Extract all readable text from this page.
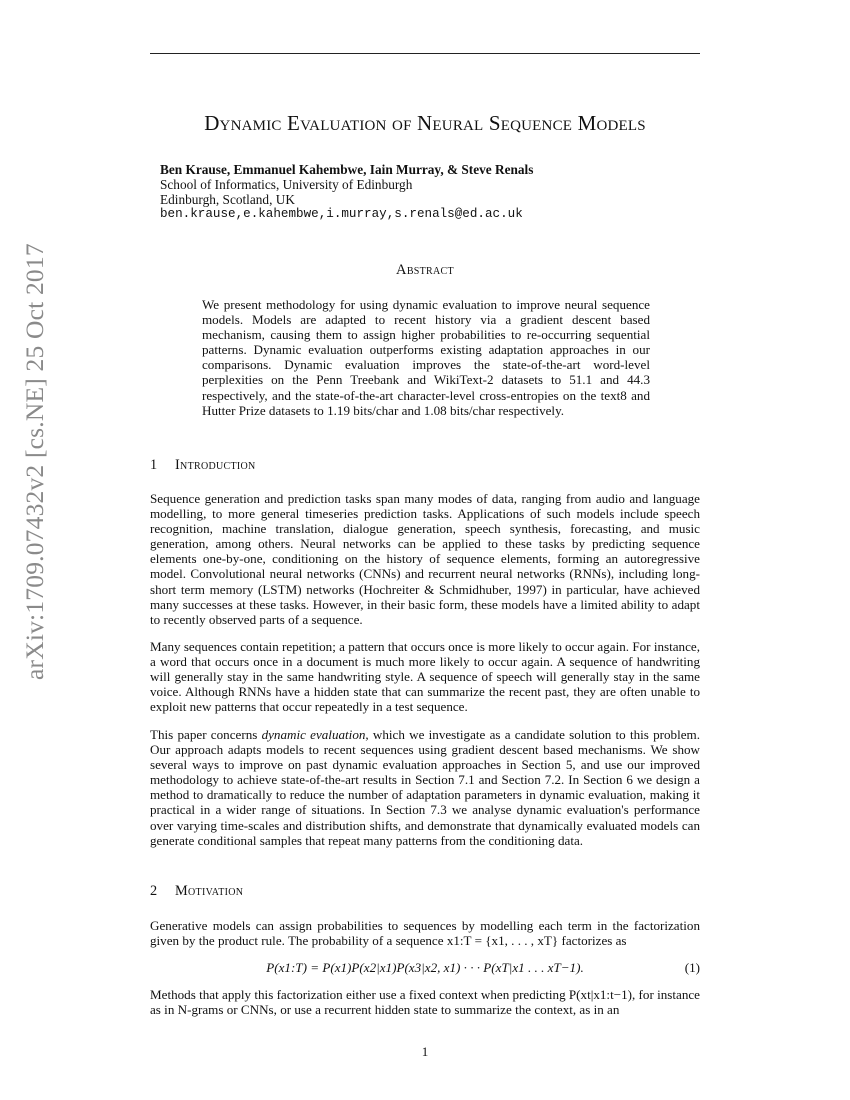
arXiv:1709.07432v2 [cs.NE] 25 Oct 2017
Dynamic Evaluation of Neural Sequence Models
Ben Krause, Emmanuel Kahembwe, Iain Murray, & Steve Renals
School of Informatics, University of Edinburgh
Edinburgh, Scotland, UK
ben.krause,e.kahembwe,i.murray,s.renals@ed.ac.uk
Abstract
We present methodology for using dynamic evaluation to improve neural sequence models. Models are adapted to recent history via a gradient descent based mechanism, causing them to assign higher probabilities to re-occurring sequential patterns. Dynamic evaluation outperforms existing adaptation approaches in our comparisons. Dynamic evaluation improves the state-of-the-art word-level perplexities on the Penn Treebank and WikiText-2 datasets to 51.1 and 44.3 respectively, and the state-of-the-art character-level cross-entropies on the text8 and Hutter Prize datasets to 1.19 bits/char and 1.08 bits/char respectively.
1 Introduction

Sequence generation and prediction tasks span many modes of data, ranging from audio and language modelling, to more general timeseries prediction tasks. Applications of such models include speech recognition, machine translation, dialogue generation, speech synthesis, forecasting, and music generation, among others. Neural networks can be applied to these tasks by predicting sequence elements one-by-one, conditioning on the history of sequence elements, forming an autoregressive model. Convolutional neural networks (CNNs) and recurrent neural networks (RNNs), including long-short term memory (LSTM) networks (Hochreiter & Schmidhuber, 1997) in particular, have achieved many successes at these tasks. However, in their basic form, these models have a limited ability to adapt to recently observed parts of a sequence.

Many sequences contain repetition; a pattern that occurs once is more likely to occur again. For instance, a word that occurs once in a document is much more likely to occur again. A sequence of handwriting will generally stay in the same handwriting style. A sequence of speech will generally stay in the same voice. Although RNNs have a hidden state that can summarize the recent past, they are often unable to exploit new patterns that occur repeatedly in a test sequence.

This paper concerns dynamic evaluation, which we investigate as a candidate solution to this problem. Our approach adapts models to recent sequences using gradient descent based mechanisms. We show several ways to improve on past dynamic evaluation approaches in Section 5, and use our improved methodology to achieve state-of-the-art results in Section 7.1 and Section 7.2. In Section 6 we design a method to dramatically to reduce the number of adaptation parameters in dynamic evaluation, making it practical in a wider range of situations. In Section 7.3 we analyse dynamic evaluation's performance over varying time-scales and distribution shifts, and demonstrate that dynamically evaluated models can generate conditional samples that repeat many patterns from the conditioning data.

2 Motivation

Generative models can assign probabilities to sequences by modelling each term in the factorization given by the product rule. The probability of a sequence x1:T = {x1, . . . , xT} factorizes as

P(x1:T) = P(x1)P(x2|x1)P(x3|x2, x1) · · · P(xT|x1 . . . xT−1).	(1)

Methods that apply this factorization either use a fixed context when predicting P(xt|x1:t−1), for instance as in N-grams or CNNs, or use a recurrent hidden state to summarize the context, as in an

1
